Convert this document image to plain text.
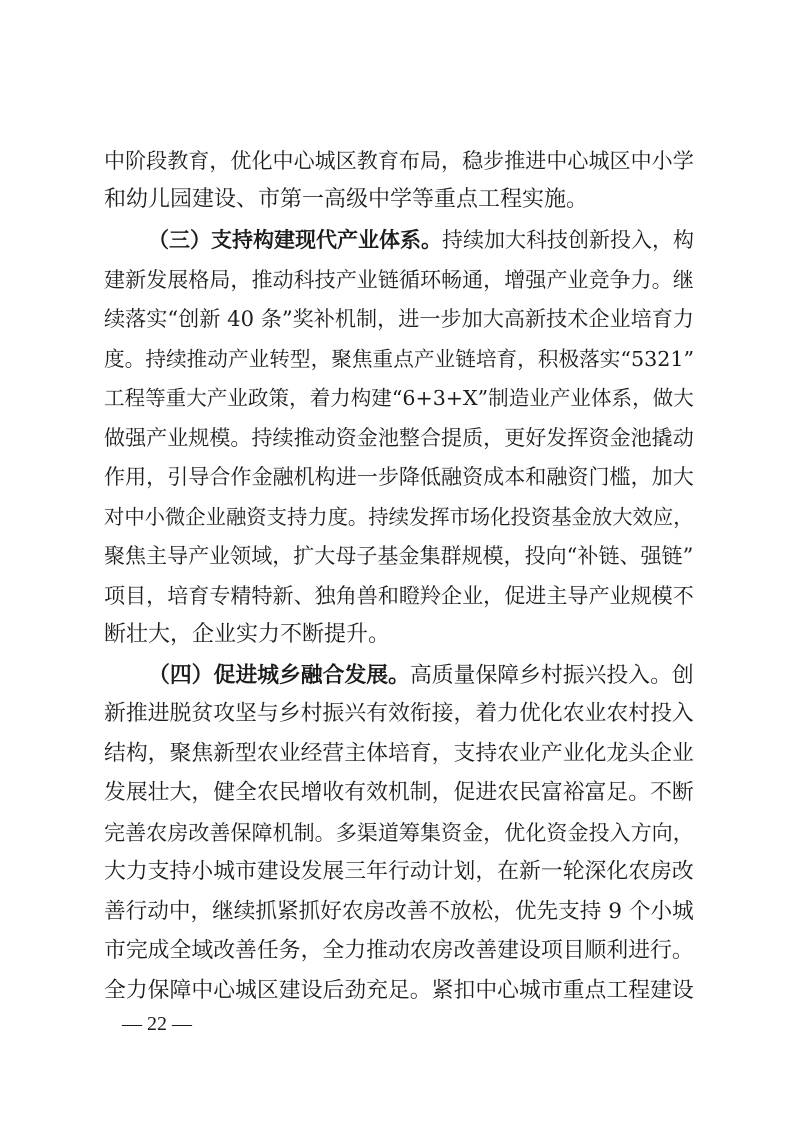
中阶段教育，优化中心城区教育布局，稳步推进中心城区中小学
和幼儿园建设、市第一高级中学等重点工程实施。
（三）支持构建现代产业体系。持续加大科技创新投入，构
建新发展格局，推动科技产业链循环畅通，增强产业竞争力。继
续落实“创新 40 条”奖补机制，进一步加大高新技术企业培育力
度。持续推动产业转型，聚焦重点产业链培育，积极落实“5321”
工程等重大产业政策，着力构建“6+3+X”制造业产业体系，做大
做强产业规模。持续推动资金池整合提质，更好发挥资金池撬动
作用，引导合作金融机构进一步降低融资成本和融资门槛，加大
对中小微企业融资支持力度。持续发挥市场化投资基金放大效应，
聚焦主导产业领域，扩大母子基金集群规模，投向“补链、强链”
项目，培育专精特新、独角兽和瞪羚企业，促进主导产业规模不
断壮大，企业实力不断提升。
（四）促进城乡融合发展。高质量保障乡村振兴投入。创
新推进脱贫攻坚与乡村振兴有效衔接，着力优化农业农村投入
结构，聚焦新型农业经营主体培育，支持农业产业化龙头企业
发展壮大，健全农民增收有效机制，促进农民富裕富足。不断
完善农房改善保障机制。多渠道筹集资金，优化资金投入方向，
大力支持小城市建设发展三年行动计划，在新一轮深化农房改
善行动中，继续抓紧抓好农房改善不放松，优先支持 9 个小城
市完成全域改善任务，全力推动农房改善建设项目顺利进行。
全力保障中心城区建设后劲充足。紧扣中心城市重点工程建设
— 22 —
